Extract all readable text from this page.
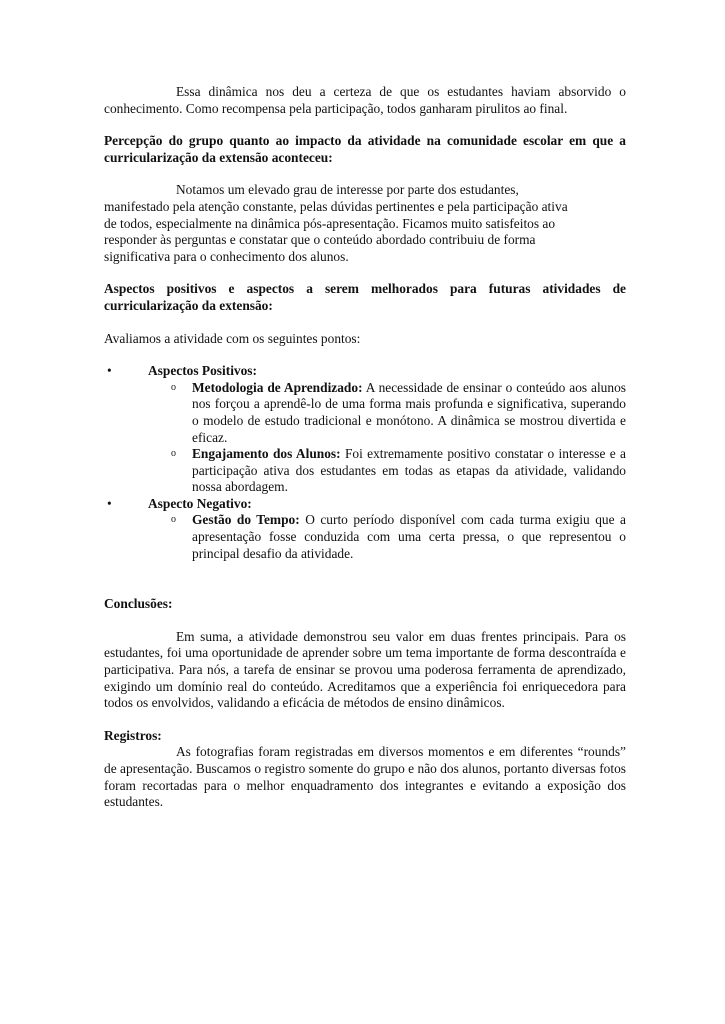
Essa dinâmica nos deu a certeza de que os estudantes haviam absorvido o conhecimento. Como recompensa pela participação, todos ganharam pirulitos ao final.

Percepção do grupo quanto ao impacto da atividade na comunidade escolar em que a curricularização da extensão aconteceu:

Notamos um elevado grau de interesse por parte dos estudantes,

manifestado pela atenção constante, pelas dúvidas pertinentes e pela participação ativa

de todos, especialmente na dinâmica pós-apresentação. Ficamos muito satisfeitos ao

responder às perguntas e constatar que o conteúdo abordado contribuiu de forma

significativa para o conhecimento dos alunos.

Aspectos positivos e aspectos a serem melhorados para futuras atividades de curricularização da extensão:

Avaliamos a atividade com os seguintes pontos:

•	Aspectos Positivos:
o Metodologia de Aprendizado: A necessidade de ensinar o conteúdo aos alunos nos forçou a aprendê-lo de uma forma mais profunda e significativa, superando o modelo de estudo tradicional e monótono. A dinâmica se mostrou divertida e eficaz.
o Engajamento dos Alunos: Foi extremamente positivo constatar o interesse e a participação ativa dos estudantes em todas as etapas da atividade, validando nossa abordagem.
•	Aspecto Negativo:
o Gestão do Tempo: O curto período disponível com cada turma exigiu que a apresentação fosse conduzida com uma certa pressa, o que representou o principal desafio da atividade.

Conclusões:

Em suma, a atividade demonstrou seu valor em duas frentes principais. Para os estudantes, foi uma oportunidade de aprender sobre um tema importante de forma descontraída e participativa. Para nós, a tarefa de ensinar se provou uma poderosa ferramenta de aprendizado, exigindo um domínio real do conteúdo. Acreditamos que a experiência foi enriquecedora para todos os envolvidos, validando a eficácia de métodos de ensino dinâmicos.

Registros:

As fotografias foram registradas em diversos momentos e em diferentes “rounds” de apresentação. Buscamos o registro somente do grupo e não dos alunos, portanto diversas fotos foram recortadas para o melhor enquadramento dos integrantes e evitando a exposição dos estudantes.
